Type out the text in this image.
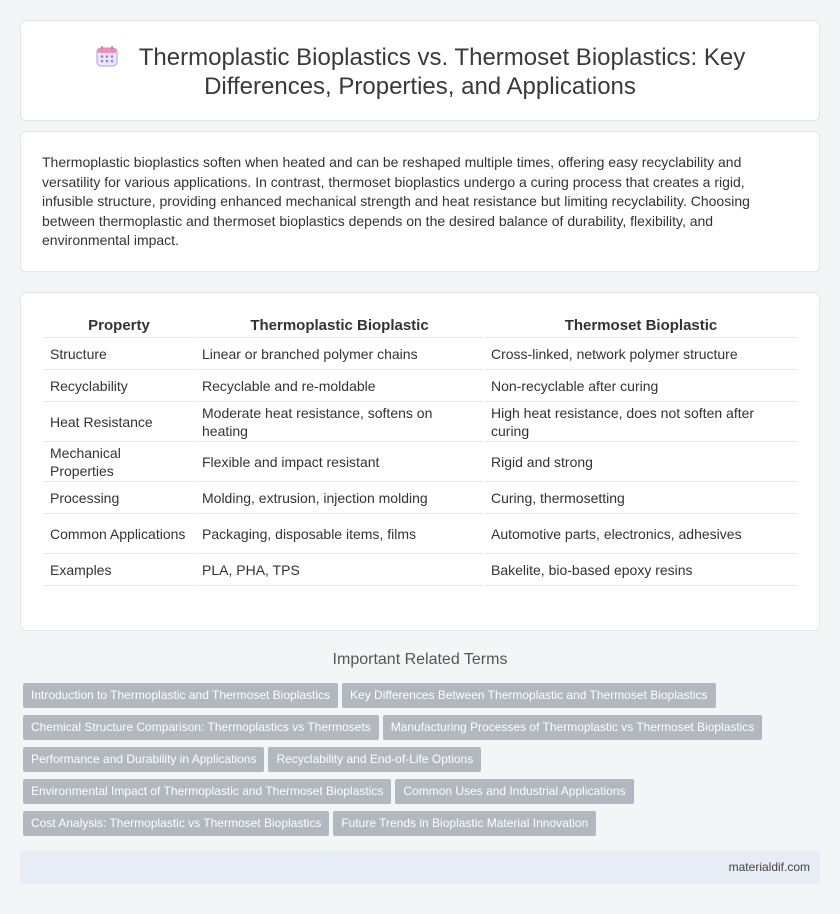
Thermoplastic Bioplastics vs. Thermoset Bioplastics: Key Differences, Properties, and Applications

Thermoplastic bioplastics soften when heated and can be reshaped multiple times, offering easy recyclability and versatility for various applications. In contrast, thermoset bioplastics undergo a curing process that creates a rigid, infusible structure, providing enhanced mechanical strength and heat resistance but limiting recyclability. Choosing between thermoplastic and thermoset bioplastics depends on the desired balance of durability, flexibility, and environmental impact.

Property	Thermoplastic Bioplastic	Thermoset Bioplastic
Structure	Linear or branched polymer chains	Cross-linked, network polymer structure
Recyclability	Recyclable and re-moldable	Non-recyclable after curing
Heat Resistance	Moderate heat resistance, softens on heating	High heat resistance, does not soften after curing
Mechanical Properties	Flexible and impact resistant	Rigid and strong
Processing	Molding, extrusion, injection molding	Curing, thermosetting
Common Applications	Packaging, disposable items, films	Automotive parts, electronics, adhesives
Examples	PLA, PHA, TPS	Bakelite, bio-based epoxy resins
Important Related Terms
Introduction to Thermoplastic and Thermoset Bioplastics Key Differences Between Thermoplastic and Thermoset Bioplastics
Chemical Structure Comparison: Thermoplastics vs Thermosets Manufacturing Processes of Thermoplastic vs Thermoset Bioplastics
Performance and Durability in Applications Recyclability and End-of-Life Options
Environmental Impact of Thermoplastic and Thermoset Bioplastics Common Uses and Industrial Applications
Cost Analysis: Thermoplastic vs Thermoset Bioplastics Future Trends in Bioplastic Material Innovation
materialdif.com
